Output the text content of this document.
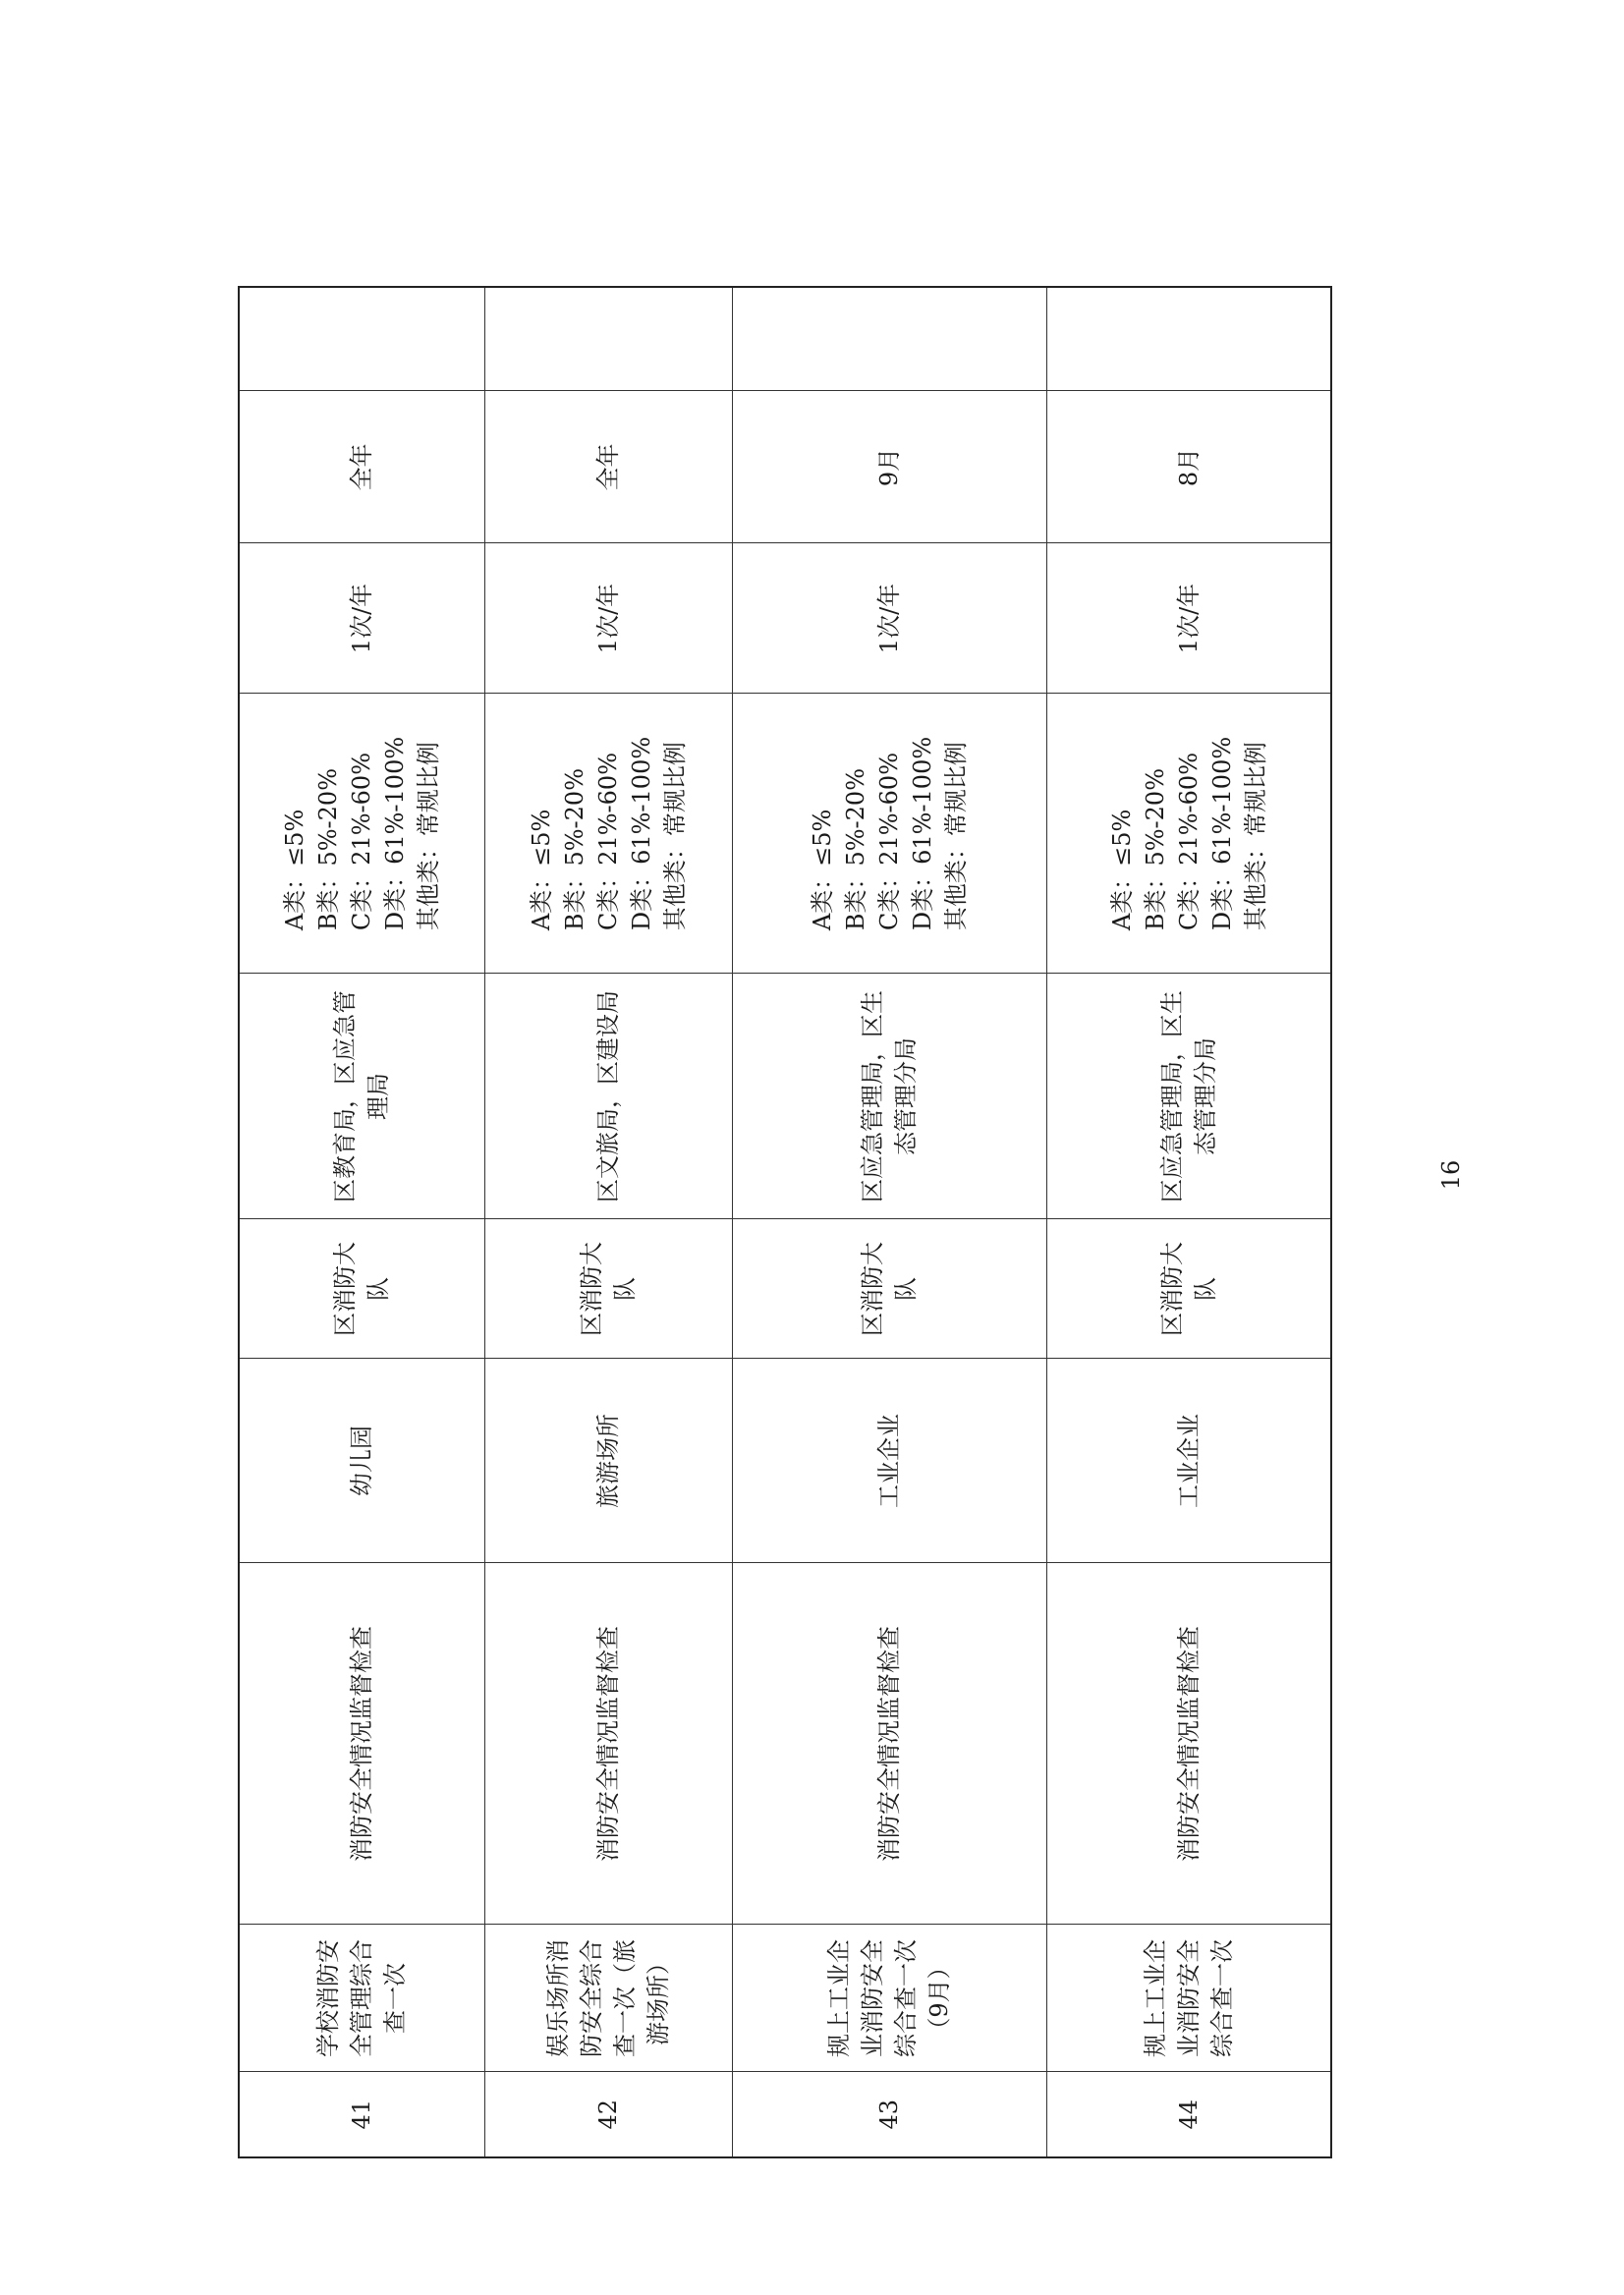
41	学校消防安全管理综合查一次	消防安全情况监督检查	幼儿园	区消防大队	区教育局，区应急管理局	A类：≤5%
B类：5%-20%
C类：21%-60%
D类：61%-100%
其他类：常规比例	1次/年	全年	
42	娱乐场所消防安全综合查一次（旅游场所）	消防安全情况监督检查	旅游场所	区消防大队	区文旅局，区建设局	A类：≤5%
B类：5%-20%
C类：21%-60%
D类：61%-100%
其他类：常规比例	1次/年	全年	
43	规上工业企业消防安全综合查一次（9月）	消防安全情况监督检查	工业企业	区消防大队	区应急管理局，区生态管理分局	A类：≤5%
B类：5%-20%
C类：21%-60%
D类：61%-100%
其他类：常规比例	1次/年	9月	
44	规上工业企业消防安全综合查一次	消防安全情况监督检查	工业企业	区消防大队	区应急管理局，区生态管理分局	A类：≤5%
B类：5%-20%
C类：21%-60%
D类：61%-100%
其他类：常规比例	1次/年	8月	
16
